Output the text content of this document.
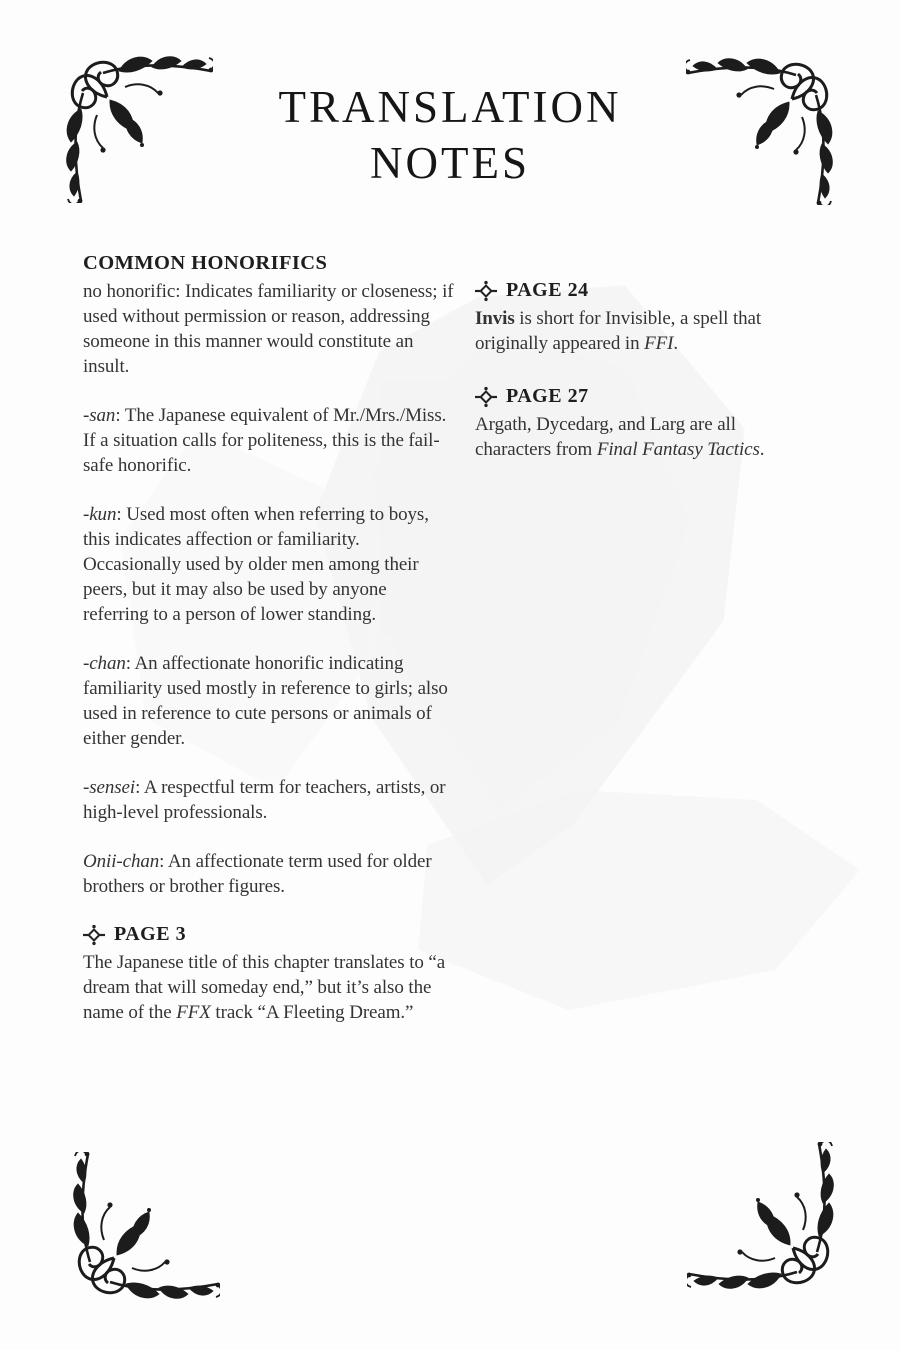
TRANSLATION
NOTES
COMMON HONORIFICS

no honorific: Indicates familiarity or closeness; if used without permission or reason, addressing someone in this manner would constitute an insult.

-san: The Japanese equivalent of Mr./Mrs./Miss. If a situation calls for politeness, this is the fail-safe honorific.

-kun: Used most often when referring to boys, this indicates affection or familiarity. Occasionally used by older men among their peers, but it may also be used by anyone referring to a person of lower standing.

-chan: An affectionate honorific indicating familiarity used mostly in reference to girls; also used in reference to cute persons or animals of either gender.

-sensei: A respectful term for teachers, artists, or high-level professionals.

Onii-chan: An affectionate term used for older brothers or brother figures.

PAGE 3

The Japanese title of this chapter translates to “a dream that will someday end,” but it’s also the name of the FFX track “A Fleeting Dream.”

PAGE 24

Invis is short for Invisible, a spell that originally appeared in FFI.

PAGE 27

Argath, Dycedarg, and Larg are all characters from Final Fantasy Tactics.
